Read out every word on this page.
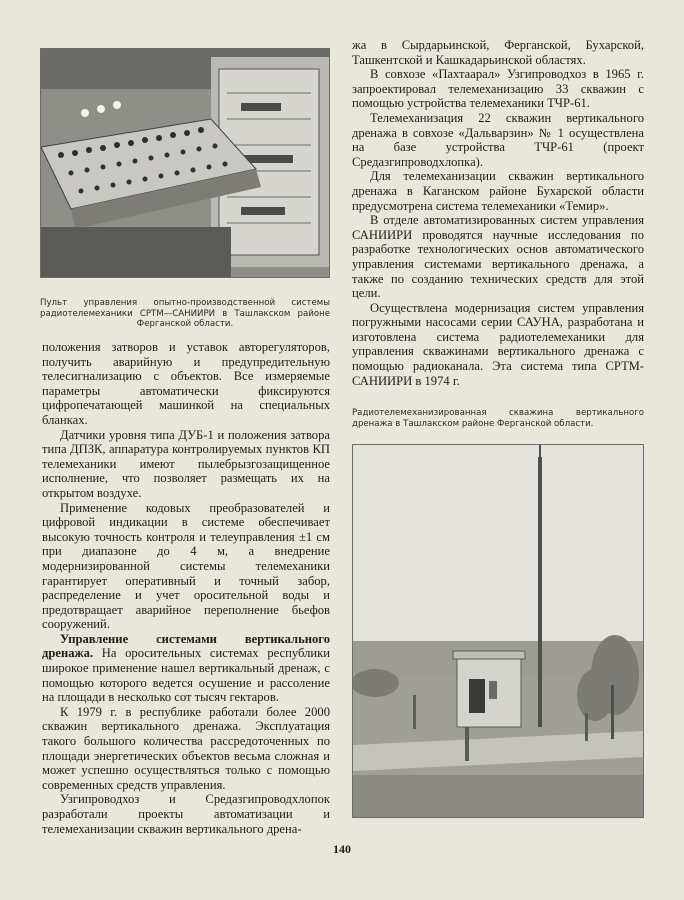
Пульт управления опытно-производственной системы радиотелемеханики СРТМ—САНИИРИ в Ташлакском районе Ферганской области.

положения затворов и уставок авторегуляторов, получить аварийную и предупредительную телесигнализацию с объектов. Все измеряемые параметры автоматически фиксируются цифропечатающей машинкой на специальных бланках.

Датчики уровня типа ДУБ-1 и положения затвора типа ДПЗК, аппаратура контролируемых пунктов КП телемеханики имеют пылебрызгозащищенное исполнение, что позволяет размещать их на открытом воздухе.

Применение кодовых преобразователей и цифровой индикации в системе обеспечивает высокую точность контроля и телеуправления ±1 см при диапазоне до 4 м, а внедрение модернизированной системы телемеханики гарантирует оперативный и точный забор, распределение и учет оросительной воды и предотвращает аварийное переполнение бьефов сооружений.

Управление системами вертикального дренажа. На оросительных системах республики широкое применение нашел вертикальный дренаж, с помощью которого ведется осушение и рассоление на площади в несколько сот тысяч гектаров.

К 1979 г. в республике работали более 2000 скважин вертикального дренажа. Эксплуатация такого большого количества рассредоточенных по площади энергетических объектов весьма сложная и может успешно осуществляться только с помощью современных средств управления.

Узгипроводхоз и Средазгипроводхлопок разработали проекты автоматизации и телемеханизации скважин вертикального дрена-

жа в Сырдарьинской, Ферганской, Бухарской, Ташкентской и Кашкадарьинской областях.

В совхозе «Пахтаарал» Узгипроводхоз в 1965 г. запроектировал телемеханизацию 33 скважин с помощью устройства телемеханики ТЧР-61.

Телемеханизация 22 скважин вертикального дренажа в совхозе «Дальварзин» № 1 осуществлена на базе устройства ТЧР-61 (проект Средазгипроводхлопка).

Для телемеханизации скважин вертикального дренажа в Каганском районе Бухарской области предусмотрена система телемеханики «Темир».

В отделе автоматизированных систем управления САНИИРИ проводятся научные исследования по разработке технологических основ автоматического управления системами вертикального дренажа, а также по созданию технических средств для этой цели.

Осуществлена модернизация систем управления погружными насосами серии САУНА, разработана и изготовлена система радиотелемеханики для управления скважинами вертикального дренажа с помощью радиоканала. Эта система типа СРТМ-САНИИРИ в 1974 г.

Радиотелемеханизированная скважина вертикального дренажа в Ташлакском районе Ферганской области.
140
